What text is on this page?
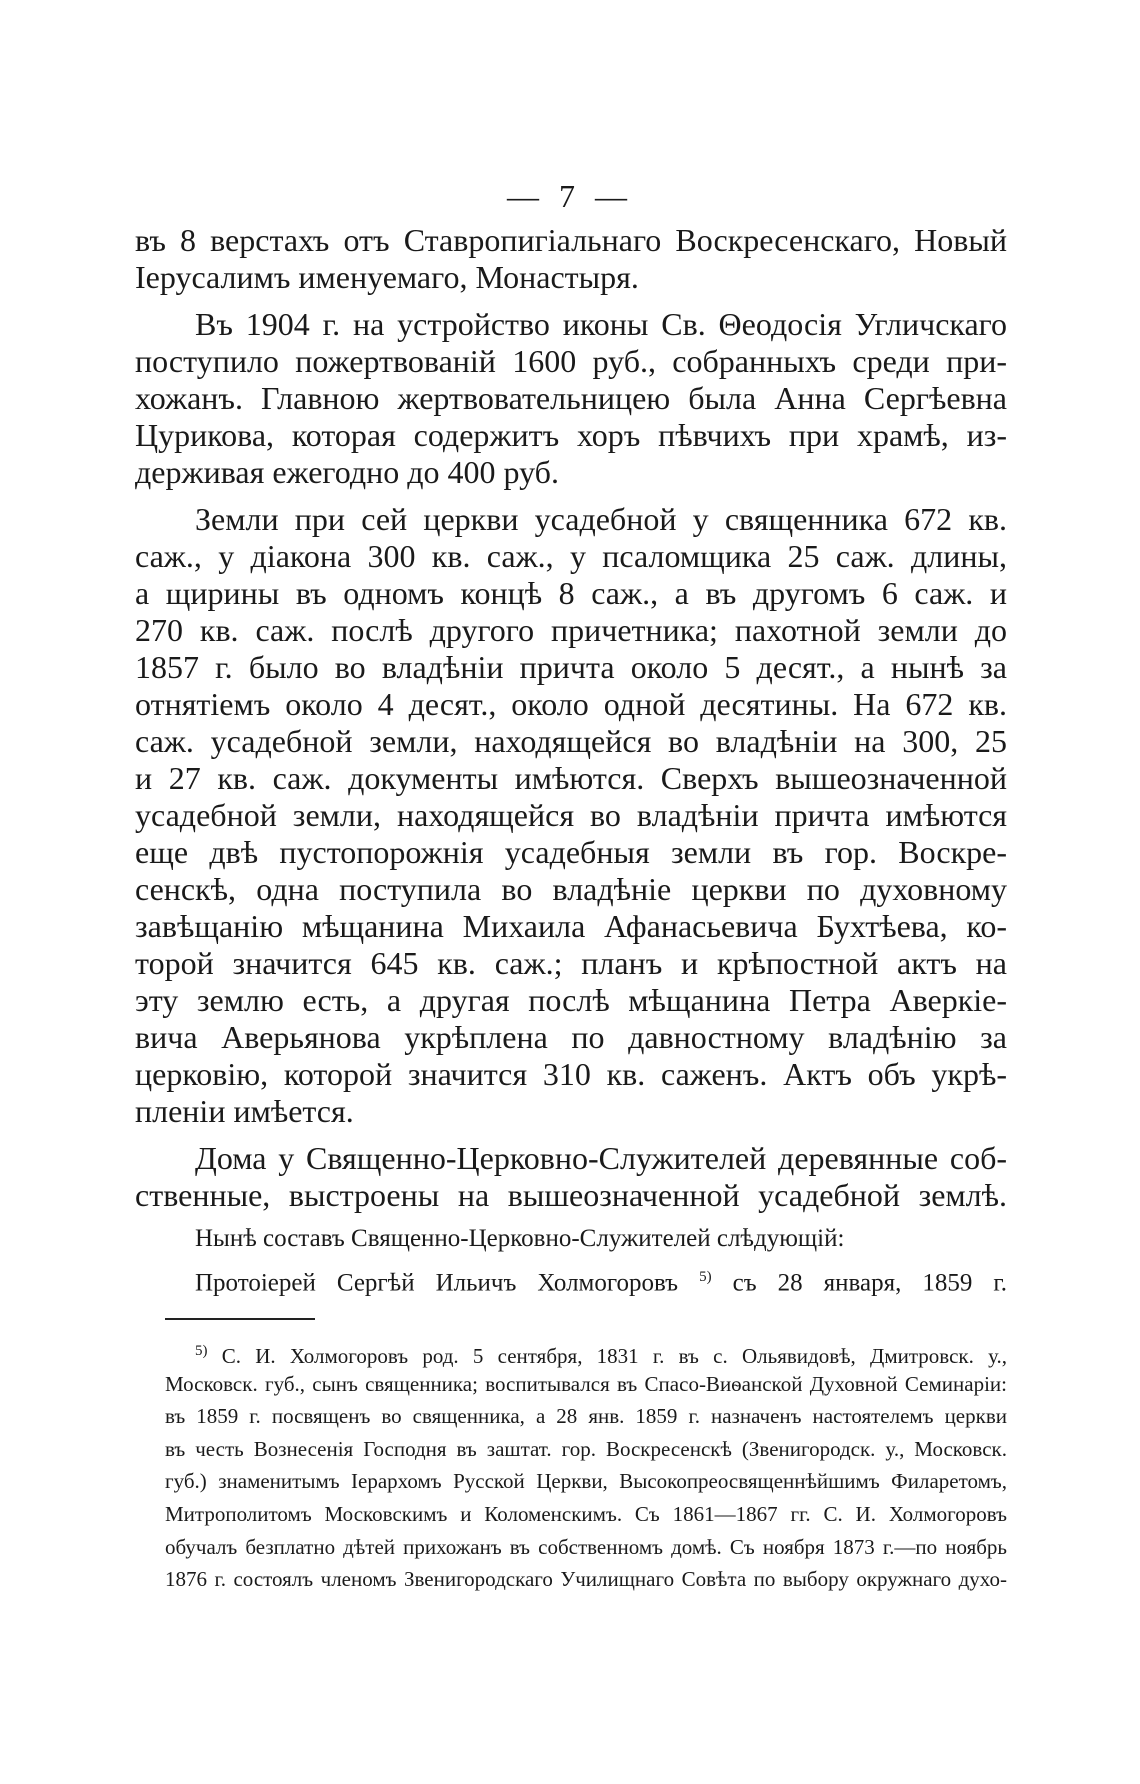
— 7 —
въ 8 верстахъ отъ Ставропигіальнаго Воскресенскаго, Новый
Іерусалимъ именуемаго, Монастыря.
Въ 1904 г. на устройство иконы Св. Θеодосія Угличскаго
поступило пожертвованій 1600 руб., собранныхъ среди при-
хожанъ. Главною жертвовательницею была Анна Сергѣевна
Цурикова, которая содержитъ хоръ пѣвчихъ при храмѣ, из-
держивая ежегодно до 400 руб.
Земли при сей церкви усадебной у священника 672 кв.
саж., у діакона 300 кв. саж., у псаломщика 25 саж. длины,
а щирины въ одномъ концѣ 8 саж., а въ другомъ 6 саж. и
270 кв. саж. послѣ другого причетника; пахотной земли до
1857 г. было во владѣніи причта около 5 десят., а нынѣ за
отнятіемъ около 4 десят., около одной десятины. На 672 кв.
саж. усадебной земли, находящейся во владѣніи на 300, 25
и 27 кв. саж. документы имѣются. Сверхъ вышеозначенной
усадебной земли, находящейся во владѣніи причта имѣются
еще двѣ пустопорожнія усадебныя земли въ гор. Воскре-
сенскѣ, одна поступила во владѣніе церкви по духовному
завѣщанію мѣщанина Михаила Афанасьевича Бухтѣева, ко-
торой значится 645 кв. саж.; планъ и крѣпостной актъ на
эту землю есть, а другая послѣ мѣщанина Петра Аверкіе-
вича Аверьянова укрѣплена по давностному владѣнію за
церковію, которой значится 310 кв. саженъ. Актъ объ укрѣ-
пленіи имѣется.
Дома у Священно-Церковно-Служителей деревянные соб-
ственные, выстроены на вышеозначенной усадебной землѣ.
Нынѣ составъ Священно-Церковно-Служителей слѣдующій:
Протоіерей Сергѣй Ильичъ Холмогоровъ $^{5)}$ съ 28 января, 1859 г.
$^{5)}$ С. И. Холмогоровъ род. 5 сентября, 1831 г. въ с. Ольявидовѣ, Дмитровск. у.,
Московск. губ., сынъ священника; воспитывался въ Спасо-Виѳанской Духовной Семинаріи:
въ 1859 г. посвященъ во священника, а 28 янв. 1859 г. назначенъ настоятелемъ церкви
въ честь Вознесенія Господня въ заштат. гор. Воскресенскѣ (Звенигородск. у., Московск.
губ.) знаменитымъ Іерархомъ Русской Церкви, Высокопреосвященнѣйшимъ Филаретомъ,
Митрополитомъ Московскимъ и Коломенскимъ. Съ 1861—1867 гг. С. И. Холмогоровъ
обучалъ безплатно дѣтей прихожанъ въ собственномъ домѣ. Съ ноября 1873 г.—по ноябрь
1876 г. состоялъ членомъ Звенигородскаго Училищнаго Совѣта по выбору окружнаго духо-
